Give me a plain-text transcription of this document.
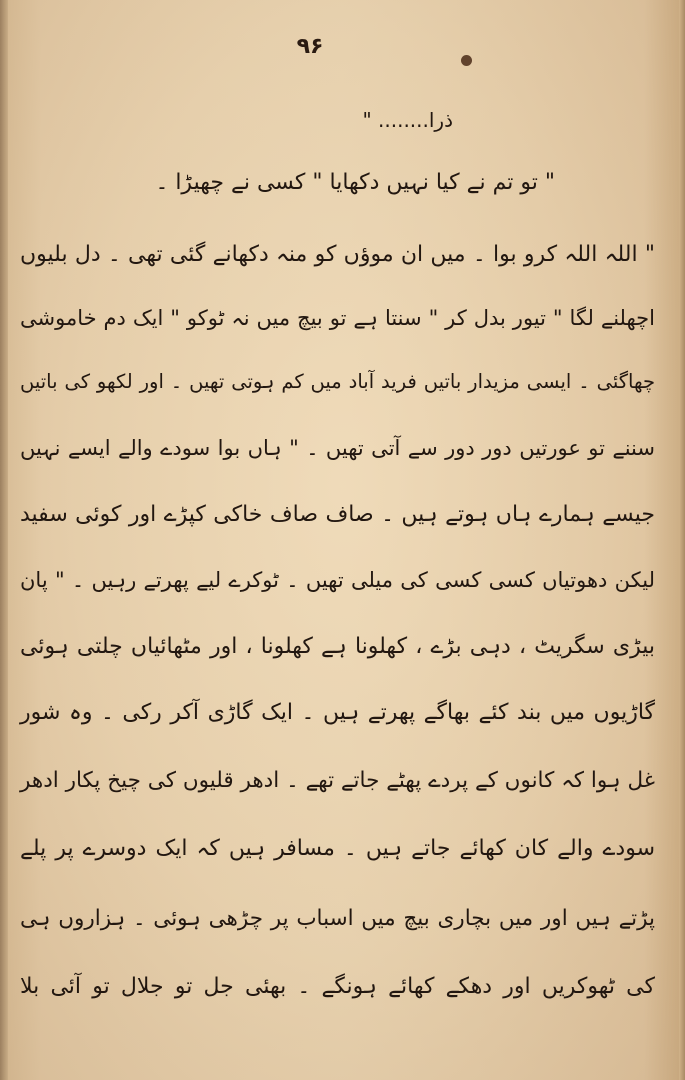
۹۶
ذرا........ "
" تو تم نے کیا نہیں دکھایا " کسی نے چھیڑا ۔
" اللہ اللہ کرو بوا ۔ میں ان موؤں کو منہ دکھانے گئی تھی ۔ دل بلیوں
اچھلنے لگا " تیور بدل کر " سنتا ہے تو بیچ میں نہ ٹوکو " ایک دم خاموشی
چھاگئی ۔ ایسی مزیدار باتیں فرید آباد میں کم ہوتی تھیں ۔ اور لکھو کی باتیں
سننے تو عورتیں دور دور سے آتی تھیں ۔ " ہاں بوا سودے والے ایسے نہیں
جیسے ہمارے ہاں ہوتے ہیں ۔ صاف صاف خاکی کپڑے اور کوئی سفید
لیکن دھوتیاں کسی کسی کی میلی تھیں ۔ ٹوکرے لیے پھرتے رہیں ۔ " پان
بیڑی سگریٹ ، دہی بڑے ، کھلونا ہے کھلونا ، اور مٹھائیاں چلتی ہوئی
گاڑیوں میں بند کئے بھاگے پھرتے ہیں ۔ ایک گاڑی آکر رکی ۔ وہ شور
غل ہوا کہ کانوں کے پردے پھٹے جاتے تھے ۔ ادھر قلیوں کی چیخ پکار ادھر
سودے والے کان کھائے جاتے ہیں ۔ مسافر ہیں کہ ایک دوسرے پر پلے
پڑتے ہیں اور میں بچاری بیچ میں اسباب پر چڑھی ہوئی ۔ ہزاروں ہی
کی ٹھوکریں اور دھکے کھائے ہونگے ۔ بھئی جل تو جلال تو آئی بلا
